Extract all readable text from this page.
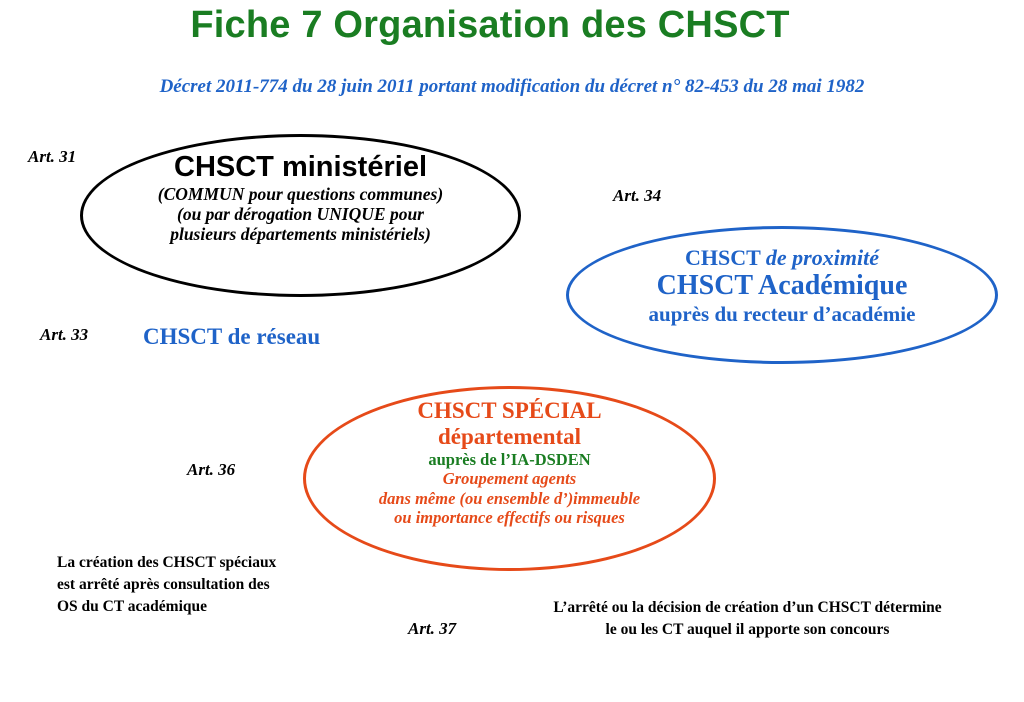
Fiche 7 Organisation des CHSCT
Décret 2011-774 du 28 juin 2011 portant modification du décret n° 82-453 du 28 mai 1982
Art. 31
Art. 34
Art. 33
Art. 36
Art. 37
CHSCT ministériel
(COMMUN pour questions communes)
(ou par dérogation UNIQUE pour
plusieurs départements ministériels)
CHSCT de proximité
CHSCT Académique
auprès du recteur d’académie
CHSCT de réseau
CHSCT SPÉCIAL
départemental
auprès de l’IA-DSDEN
Groupement agents
dans même (ou ensemble d’)immeuble
ou importance effectifs ou risques
La création des CHSCT spéciaux
est arrêté après consultation des
OS du CT académique	L’arrêté ou la décision de création d’un CHSCT détermine
le ou les CT auquel il apporte son concours
